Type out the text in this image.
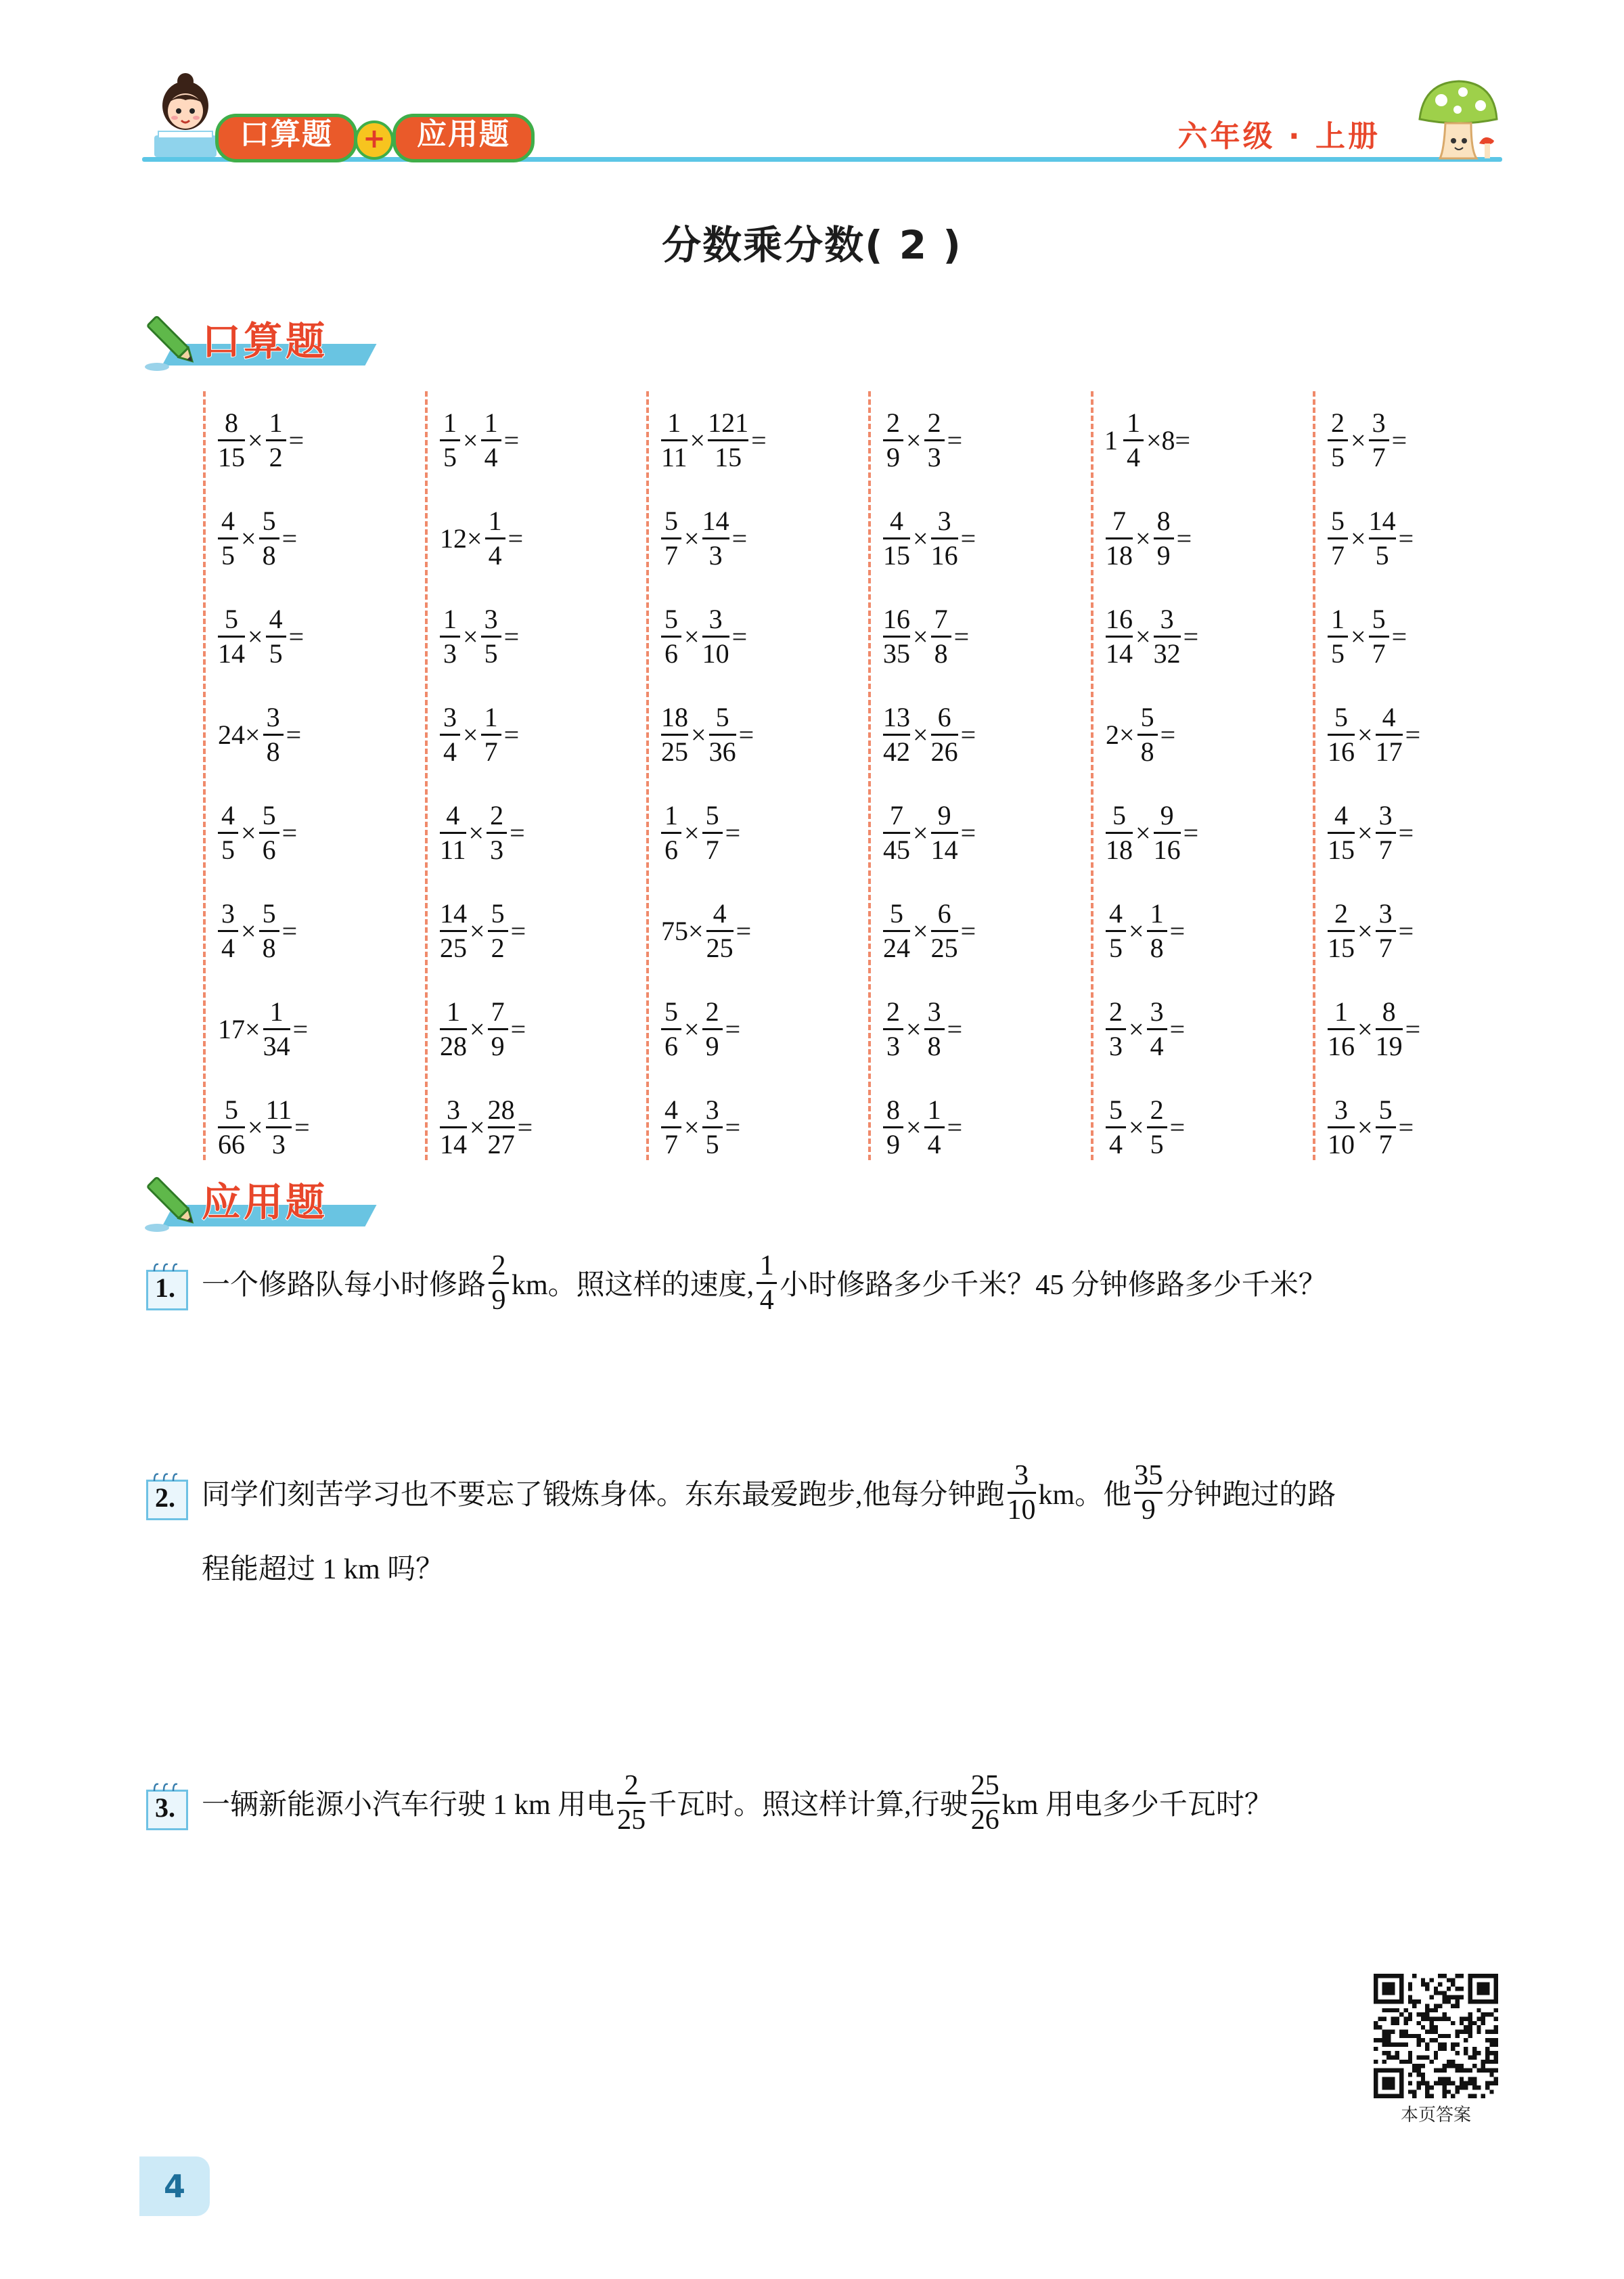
口算题	+	应用题	六年级 · 上册
分数乘分数( 2 )
口算题
$\frac{8}{15} \times \frac{1}{2}$ =
$\frac{4}{5} \times \frac{5}{8}$ =
$\frac{5}{14} \times \frac{4}{5}$ =
$24\times \frac{3}{8}$ =
$\frac{4}{5} \times \frac{5}{6}$ =
$\frac{3}{4} \times \frac{5}{8}$ =
$17\times \frac{1}{34}$ =
$\frac{5}{66} \times \frac{11}{3}$ =
$\frac{1}{5} \times \frac{1}{4}$ =
$12\times \frac{1}{4}$ =
$\frac{1}{3} \times \frac{3}{5}$ =
$\frac{3}{4} \times \frac{1}{7}$ =
$\frac{4}{11} \times \frac{2}{3}$ =
$\frac{14}{25} \times \frac{5}{2}$ =
$\frac{1}{28} \times \frac{7}{9}$ =
$\frac{3}{14} \times \frac{28}{27}$ =
$\frac{1}{11} \times \frac{121}{15}$ =
$\frac{5}{7} \times \frac{14}{3}$ =
$\frac{5}{6} \times \frac{3}{10}$ =
$\frac{18}{25} \times \frac{5}{36}$ =
$\frac{1}{6} \times \frac{5}{7}$ =
$75\times \frac{4}{25}$ =
$\frac{5}{6} \times \frac{2}{9}$ =
$\frac{4}{7} \times \frac{3}{5}$ =
$\frac{2}{9} \times \frac{2}{3}$ =
$\frac{4}{15} \times \frac{3}{16}$ =
$\frac{16}{35} \times \frac{7}{8}$ =
$\frac{13}{42} \times \frac{6}{26}$ =
$\frac{7}{45} \times \frac{9}{14}$ =
$\frac{5}{24} \times \frac{6}{25}$ =
$\frac{2}{3} \times \frac{3}{8}$ =
$\frac{8}{9} \times \frac{1}{4}$ =
$1 \frac{1}{4} \times 8=$
$\frac{7}{18} \times \frac{8}{9}$ =
$\frac{16}{14} \times \frac{3}{32}$ =
$2\times \frac{5}{8}$ =
$\frac{5}{18} \times \frac{9}{16}$ =
$\frac{4}{5} \times \frac{1}{8}$ =
$\frac{2}{3} \times \frac{3}{4}$ =
$\frac{5}{4} \times \frac{2}{5}$ =
$\frac{2}{5} \times \frac{3}{7}$ =
$\frac{5}{7} \times \frac{14}{5}$ =
$\frac{1}{5} \times \frac{5}{7}$ =
$\frac{5}{16} \times \frac{4}{17}$ =
$\frac{4}{15} \times \frac{3}{7}$ =
$\frac{2}{15} \times \frac{3}{7}$ =
$\frac{1}{16} \times \frac{8}{19}$ =
$\frac{3}{10} \times \frac{5}{7}$ =
应用题
1. 一个修路队每小时修路 $\frac{2}{9}$ km。照这样的速度, $\frac{1}{4}$ 小时修路多少千米？45 分钟修路多少千米？
2. 同学们刻苦学习也不要忘了锻炼身体。东东最爱跑步,他每分钟跑 $\frac{3}{10}$ km。他 $\frac{35}{9}$ 分钟跑过的路
程能超过 1 km 吗？
3. 一辆新能源小汽车行驶 1 km 用电 $\frac{2}{25}$ 千瓦时。照这样计算,行驶 $\frac{25}{26}$ km 用电多少千瓦时？
本页答案
4
